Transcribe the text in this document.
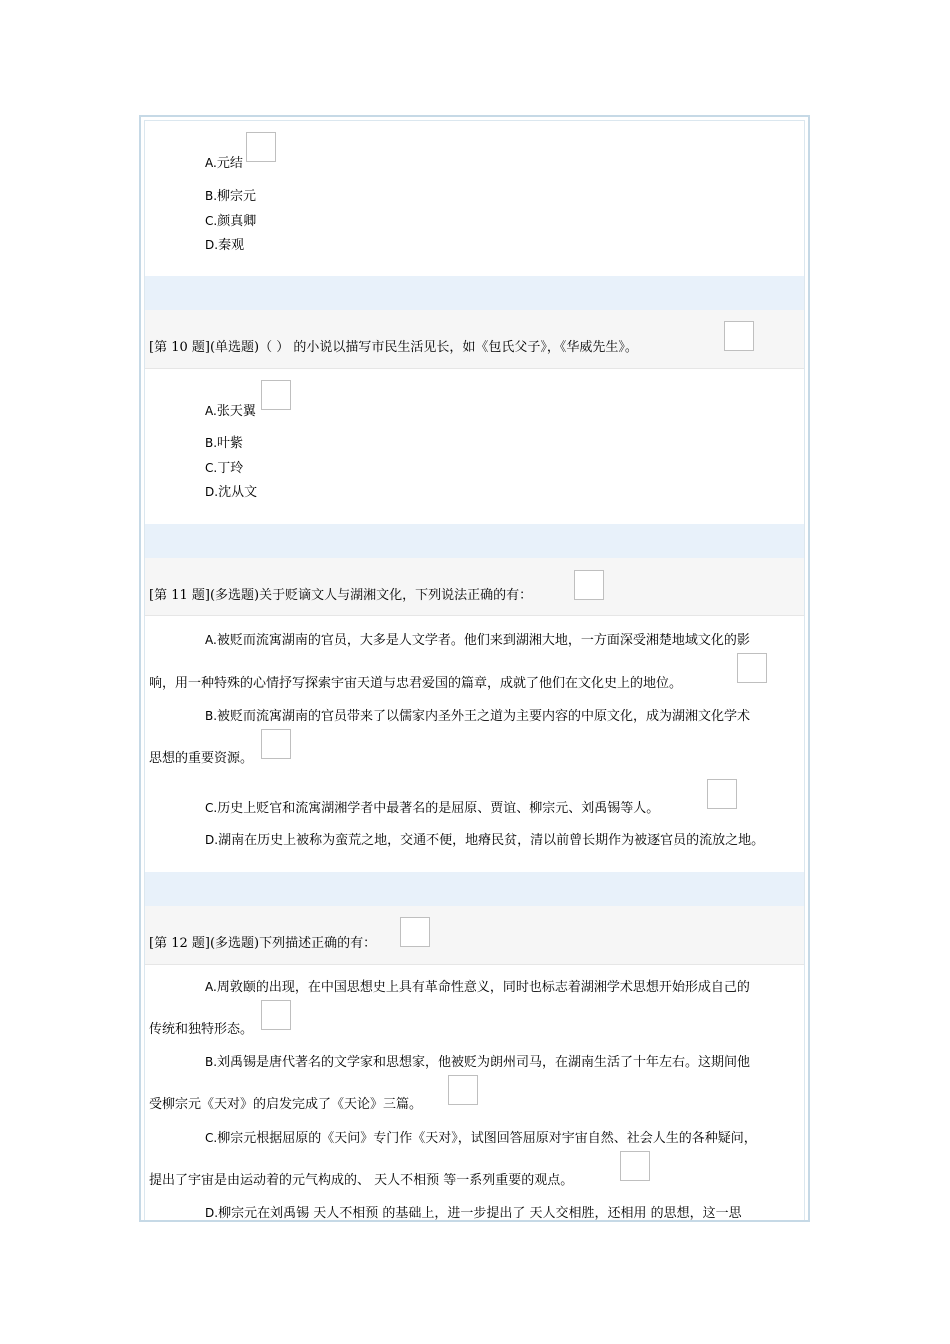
A.元结
B.柳宗元
C.颜真卿
D.秦观
[第 10 题](单选题)（ ） 的小说以描写市民生活见长，如《包氏父子》，《华威先生》。
A.张天翼
B.叶紫
C.丁玲
D.沈从文
[第 11 题](多选题)关于贬谪文人与湖湘文化，下列说法正确的有：
A.被贬而流寓湖南的官员，大多是人文学者。他们来到湖湘大地，一方面深受湘楚地域文化的影
响，用一种特殊的心情抒写探索宇宙天道与忠君爱国的篇章，成就了他们在文化史上的地位。
B.被贬而流寓湖南的官员带来了以儒家内圣外王之道为主要内容的中原文化，成为湖湘文化学术
思想的重要资源。
C.历史上贬官和流寓湖湘学者中最著名的是屈原、贾谊、柳宗元、刘禹锡等人。
D.湖南在历史上被称为蛮荒之地，交通不便，地瘠民贫，清以前曾长期作为被逐官员的流放之地。
[第 12 题](多选题)下列描述正确的有：
A.周敦颐的出现，在中国思想史上具有革命性意义，同时也标志着湖湘学术思想开始形成自己的
传统和独特形态。
B.刘禹锡是唐代著名的文学家和思想家，他被贬为朗州司马，在湖南生活了十年左右。这期间他
受柳宗元《天对》的启发完成了《天论》三篇。
C.柳宗元根据屈原的《天问》专门作《天对》，试图回答屈原对宇宙自然、社会人生的各种疑问，
提出了宇宙是由运动着的元气构成的、 天人不相预 等一系列重要的观点。
D.柳宗元在刘禹锡 天人不相预 的基础上，进一步提出了 天人交相胜，还相用 的思想，这一思
